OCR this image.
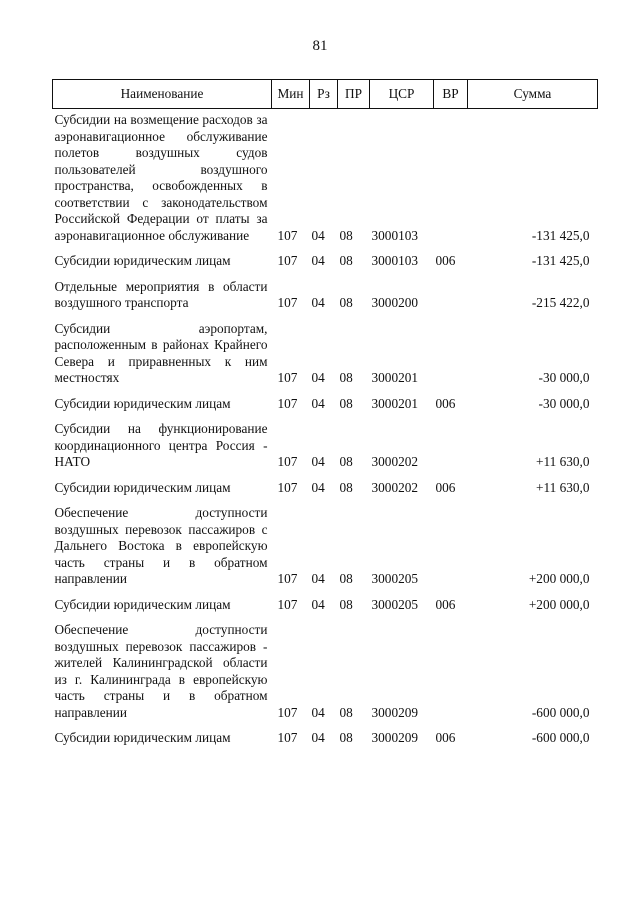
81
Наименование	Мин	Рз	ПР	ЦСР	ВР	Сумма
Субсидии на возмещение расходов за аэронавигационное обслуживание полетов воздушных судов пользователей воздушного пространства, освобожденных в соответствии с законодательством Российской Федерации от платы за аэронавигационное обслуживание	107	04	08	3000103		-131 425,0
Субсидии юридическим лицам	107	04	08	3000103	006	-131 425,0
Отдельные мероприятия в области воздушного транспорта	107	04	08	3000200		-215 422,0
Субсидии аэропортам, расположенным в районах Крайнего Севера и приравненных к ним местностях	107	04	08	3000201		-30 000,0
Субсидии юридическим лицам	107	04	08	3000201	006	-30 000,0
Субсидии на функционирование координационного центра Россия - НАТО	107	04	08	3000202		+11 630,0
Субсидии юридическим лицам	107	04	08	3000202	006	+11 630,0
Обеспечение доступности воздушных перевозок пассажиров с Дальнего Востока в европейскую часть страны и в обратном направлении	107	04	08	3000205		+200 000,0
Субсидии юридическим лицам	107	04	08	3000205	006	+200 000,0
Обеспечение доступности воздушных перевозок пассажиров - жителей Калининградской области из г. Калининграда в европейскую часть страны и в обратном направлении	107	04	08	3000209		-600 000,0
Субсидии юридическим лицам	107	04	08	3000209	006	-600 000,0
